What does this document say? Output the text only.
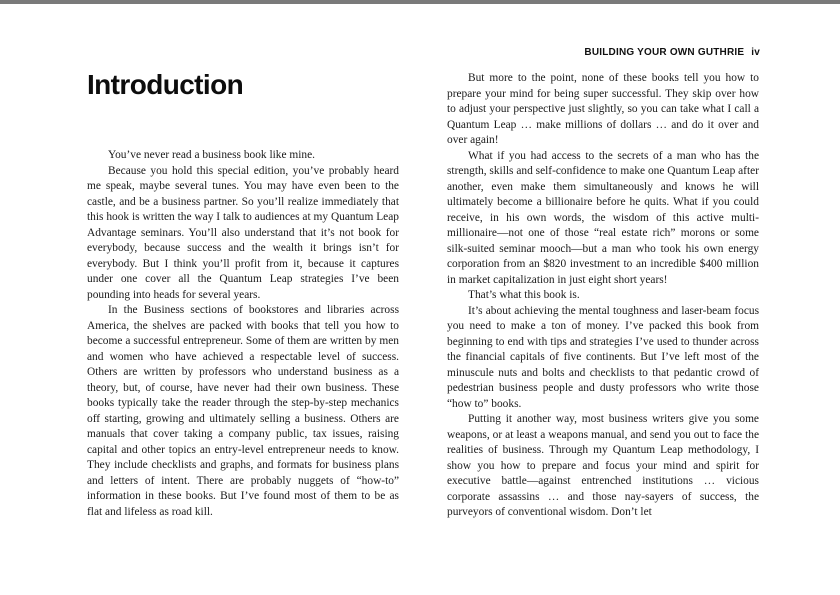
BUILDING YOUR OWN GUTHRIE iv
Introduction

You’ve never read a business book like mine.

Because you hold this special edition, you’ve probably heard me speak, maybe several tunes. You may have even been to the castle, and be a business partner. So you’ll realize immediately that this hook is written the way I talk to audiences at my Quantum Leap Advantage seminars. You’ll also understand that it’s not book for everybody, because success and the wealth it brings isn’t for everybody. But I think you’ll profit from it, because it captures under one cover all the Quantum Leap strategies I’ve been pounding into heads for several years.

In the Business sections of bookstores and libraries across America, the shelves are packed with books that tell you how to become a successful entrepreneur. Some of them are written by men and women who have achieved a respectable level of success. Others are written by professors who understand business as a theory, but, of course, have never had their own business. These books typically take the reader through the step-by-step mechanics off starting, growing and ultimately selling a business. Others are manuals that cover taking a company public, tax issues, raising capital and other topics an entry-level entrepreneur needs to know. They include checklists and graphs, and formats for business plans and letters of intent. There are probably nuggets of “how-to” information in these books. But I’ve found most of them to be as flat and lifeless as road kill.

But more to the point, none of these books tell you how to prepare your mind for being super successful. They skip over how to adjust your perspective just slightly, so you can take what I call a Quantum Leap … make millions of dollars … and do it over and over again!

What if you had access to the secrets of a man who has the strength, skills and self-confidence to make one Quantum Leap after another, even make them simultaneously and knows he will ultimately become a billionaire before he quits. What if you could receive, in his own words, the wisdom of this active multi-millionaire—not one of those “real estate rich” morons or some silk-suited seminar mooch—but a man who took his own energy corporation from an $820 investment to an incredible $400 million in market capitalization in just eight short years!

That’s what this book is.

It’s about achieving the mental toughness and laser-beam focus you need to make a ton of money. I’ve packed this book from beginning to end with tips and strategies I’ve used to thunder across the financial capitals of five continents. But I’ve left most of the minuscule nuts and bolts and checklists to that pedantic crowd of pedestrian business people and dusty professors who write those “how to” books.

Putting it another way, most business writers give you some weapons, or at least a weapons manual, and send you out to face the realities of business. Through my Quantum Leap methodology, I show you how to prepare and focus your mind and spirit for executive battle—against entrenched institutions … vicious corporate assassins … and those nay-sayers of success, the purveyors of conventional wisdom. Don’t let
